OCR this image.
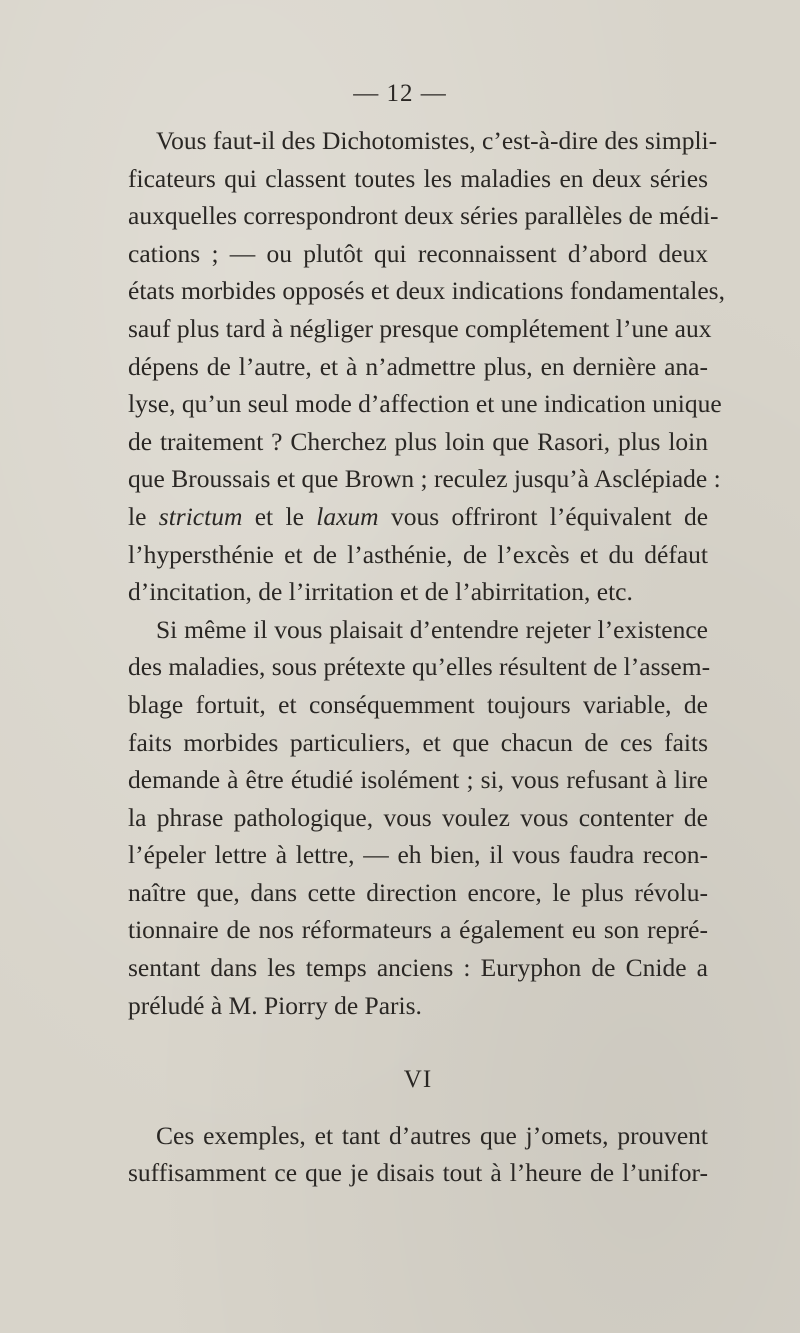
— 12 —
Vous faut-il des Dichotomistes, c’est-à-dire des simpli-
ficateurs qui classent toutes les maladies en deux séries
auxquelles correspondront deux séries parallèles de médi-
cations ; — ou plutôt qui reconnaissent d’abord deux
états morbides opposés et deux indications fondamentales,
sauf plus tard à négliger presque complétement l’une aux
dépens de l’autre, et à n’admettre plus, en dernière ana-
lyse, qu’un seul mode d’affection et une indication unique
de traitement ? Cherchez plus loin que Rasori, plus loin
que Broussais et que Brown ; reculez jusqu’à Asclépiade :
le strictum et le laxum vous offriront l’équivalent de
l’hypersthénie et de l’asthénie, de l’excès et du défaut
d’incitation, de l’irritation et de l’abirritation, etc.
Si même il vous plaisait d’entendre rejeter l’existence
des maladies, sous prétexte qu’elles résultent de l’assem-
blage fortuit, et conséquemment toujours variable, de
faits morbides particuliers, et que chacun de ces faits
demande à être étudié isolément ; si, vous refusant à lire
la phrase pathologique, vous voulez vous contenter de
l’épeler lettre à lettre, — eh bien, il vous faudra recon-
naître que, dans cette direction encore, le plus révolu-
tionnaire de nos réformateurs a également eu son repré-
sentant dans les temps anciens : Euryphon de Cnide a
préludé à M. Piorry de Paris.
VI
Ces exemples, et tant d’autres que j’omets, prouvent
suffisamment ce que je disais tout à l’heure de l’unifor-
